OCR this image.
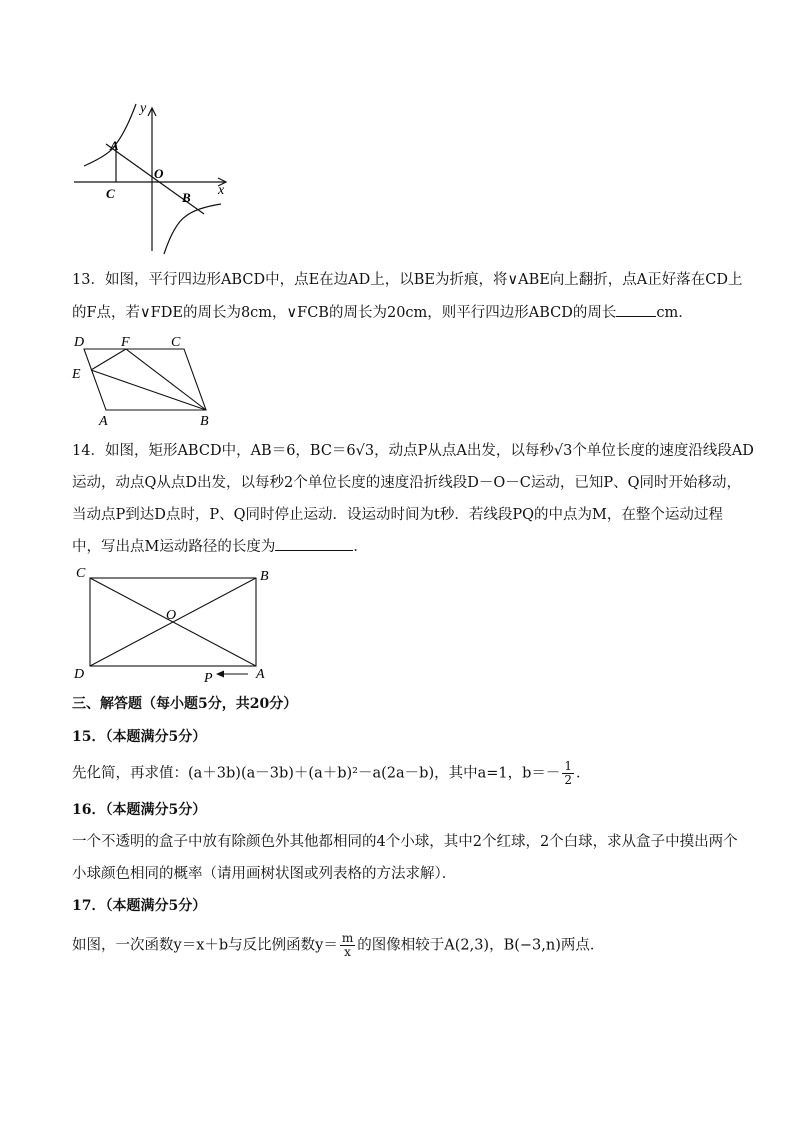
y
x
A
O
C	B
13．如图，平行四边形ABCD中，点E在边AD上，以BE为折痕，将∨ABE向上翻折，点A正好落在CD上
的F点，若∨FDE的周长为8cm，∨FCB的周长为20cm，则平行四边形ABCD的周长	cm．
D	F	C
E
A	B
14．如图，矩形ABCD中，AB＝6，BC＝6√3，动点P从点A出发，以每秒√3个单位长度的速度沿线段AD
运动，动点Q从点D出发，以每秒2个单位长度的速度沿折线段D－O－C运动，已知P、Q同时开始移动，
当动点P到达D点时，P、Q同时停止运动．设运动时间为t秒．若线段PQ的中点为M，在整个运动过程
中，写出点M运动路径的长度为	．
C	B
O
D	A
P
三、解答题（每小题5分，共20分）
15．（本题满分5分）
先化简，再求值：(a＋3b)(a－3b)＋(a＋b)²－a(2a－b)，其中a=1，$b=- \frac{1}{2}$ ．
16．（本题满分5分）
一个不透明的盒子中放有除颜色外其他都相同的4个小球，其中2个红球，2个白球，求从盒子中摸出两个
小球颜色相同的概率（请用画树状图或列表格的方法求解）．
17．（本题满分5分）
如图，一次函数y＝x＋b与反比例函数$y= \frac{m}{x}$ 的图像相较于A(2,3)，B(−3,n)两点．
